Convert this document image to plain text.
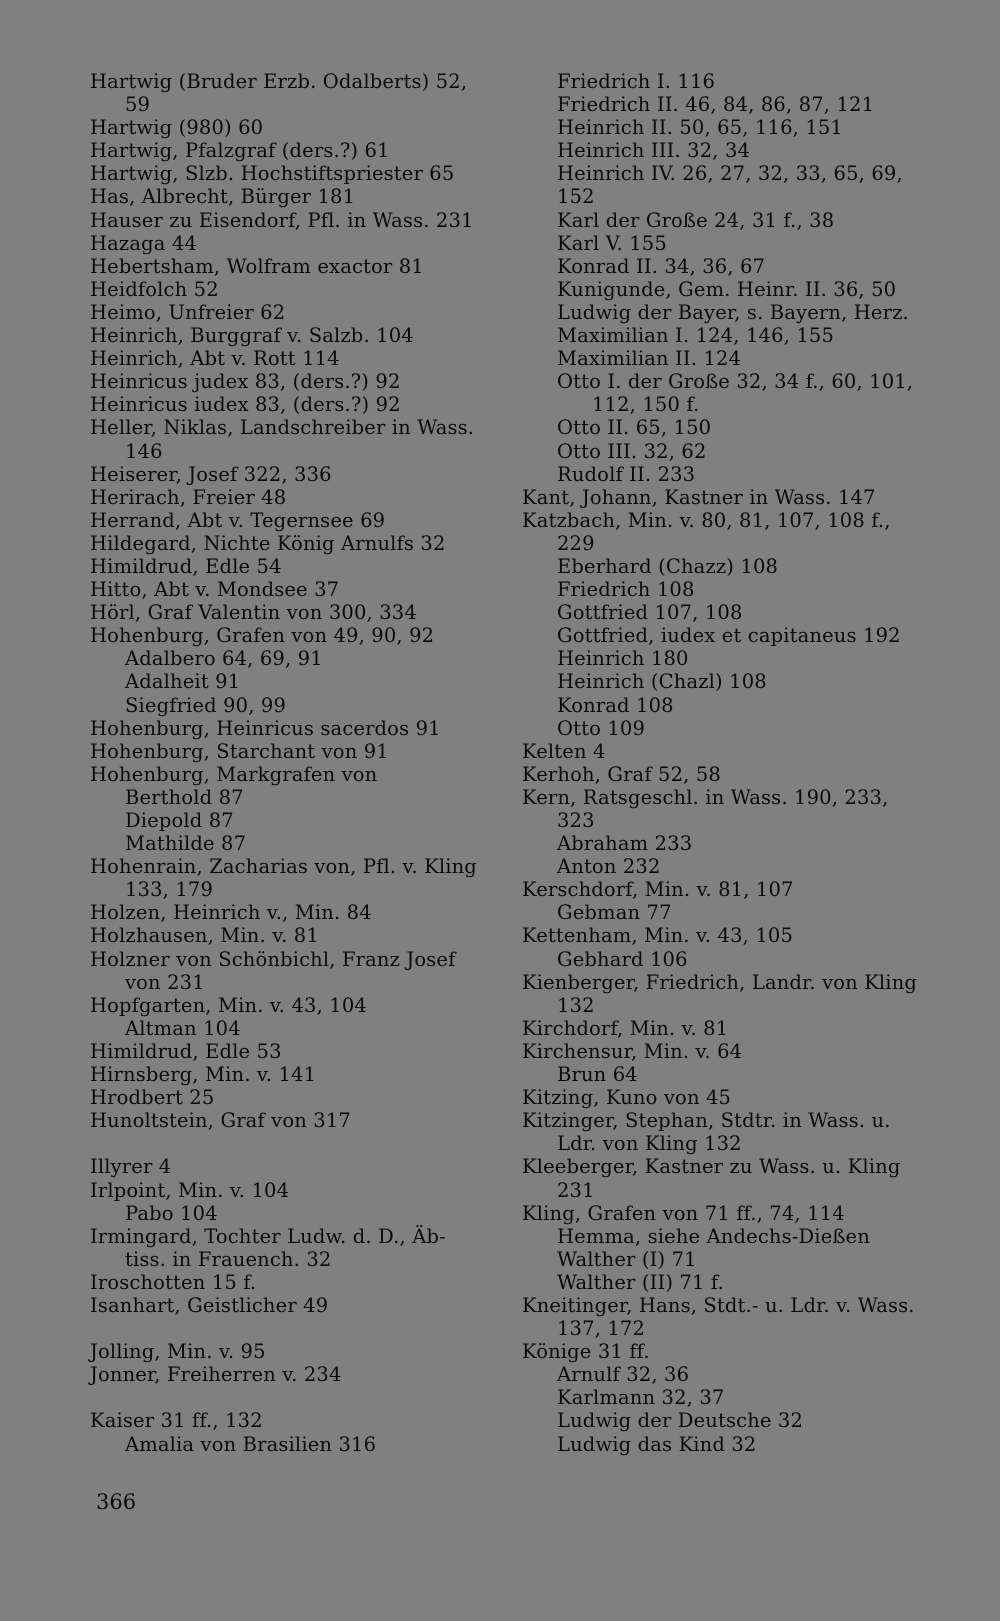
Hartwig (Bruder Erzb. Odalberts) 52,
59
Hartwig (980) 60
Hartwig, Pfalzgraf (ders.?) 61
Hartwig, Slzb. Hochstiftspriester 65
Has, Albrecht, Bürger 181
Hauser zu Eisendorf, Pfl. in Wass. 231
Hazaga 44
Hebertsham, Wolfram exactor 81
Heidfolch 52
Heimo, Unfreier 62
Heinrich, Burggraf v. Salzb. 104
Heinrich, Abt v. Rott 114
Heinricus judex 83, (ders.?) 92
Heinricus iudex 83, (ders.?) 92
Heller, Niklas, Landschreiber in Wass.
146
Heiserer, Josef 322, 336
Herirach, Freier 48
Herrand, Abt v. Tegernsee 69
Hildegard, Nichte König Arnulfs 32
Himildrud, Edle 54
Hitto, Abt v. Mondsee 37
Hörl, Graf Valentin von 300, 334
Hohenburg, Grafen von 49, 90, 92
Adalbero 64, 69, 91
Adalheit 91
Siegfried 90, 99
Hohenburg, Heinricus sacerdos 91
Hohenburg, Starchant von 91
Hohenburg, Markgrafen von
Berthold 87
Diepold 87
Mathilde 87
Hohenrain, Zacharias von, Pfl. v. Kling
133, 179
Holzen, Heinrich v., Min. 84
Holzhausen, Min. v. 81
Holzner von Schönbichl, Franz Josef
von 231
Hopfgarten, Min. v. 43, 104
Altman 104
Himildrud, Edle 53
Hirnsberg, Min. v. 141
Hrodbert 25
Hunoltstein, Graf von 317
Illyrer 4
Irlpoint, Min. v. 104
Pabo 104
Irmingard, Tochter Ludw. d. D., Äb-
tiss. in Frauench. 32
Iroschotten 15 f.
Isanhart, Geistlicher 49
Jolling, Min. v. 95
Jonner, Freiherren v. 234
Kaiser 31 ff., 132
Amalia von Brasilien 316
Friedrich I. 116
Friedrich II. 46, 84, 86, 87, 121
Heinrich II. 50, 65, 116, 151
Heinrich III. 32, 34
Heinrich IV. 26, 27, 32, 33, 65, 69,
152
Karl der Große 24, 31 f., 38
Karl V. 155
Konrad II. 34, 36, 67
Kunigunde, Gem. Heinr. II. 36, 50
Ludwig der Bayer, s. Bayern, Herz.
Maximilian I. 124, 146, 155
Maximilian II. 124
Otto I. der Große 32, 34 f., 60, 101,
112, 150 f.
Otto II. 65, 150
Otto III. 32, 62
Rudolf II. 233
Kant, Johann, Kastner in Wass. 147
Katzbach, Min. v. 80, 81, 107, 108 f.,
229
Eberhard (Chazz) 108
Friedrich 108
Gottfried 107, 108
Gottfried, iudex et capitaneus 192
Heinrich 180
Heinrich (Chazl) 108
Konrad 108
Otto 109
Kelten 4
Kerhoh, Graf 52, 58
Kern, Ratsgeschl. in Wass. 190, 233,
323
Abraham 233
Anton 232
Kerschdorf, Min. v. 81, 107
Gebman 77
Kettenham, Min. v. 43, 105
Gebhard 106
Kienberger, Friedrich, Landr. von Kling
132
Kirchdorf, Min. v. 81
Kirchensur, Min. v. 64
Brun 64
Kitzing, Kuno von 45
Kitzinger, Stephan, Stdtr. in Wass. u.
Ldr. von Kling 132
Kleeberger, Kastner zu Wass. u. Kling
231
Kling, Grafen von 71 ff., 74, 114
Hemma, siehe Andechs-Dießen
Walther (I) 71
Walther (II) 71 f.
Kneitinger, Hans, Stdt.- u. Ldr. v. Wass.
137, 172
Könige 31 ff.
Arnulf 32, 36
Karlmann 32, 37
Ludwig der Deutsche 32
Ludwig das Kind 32
366
